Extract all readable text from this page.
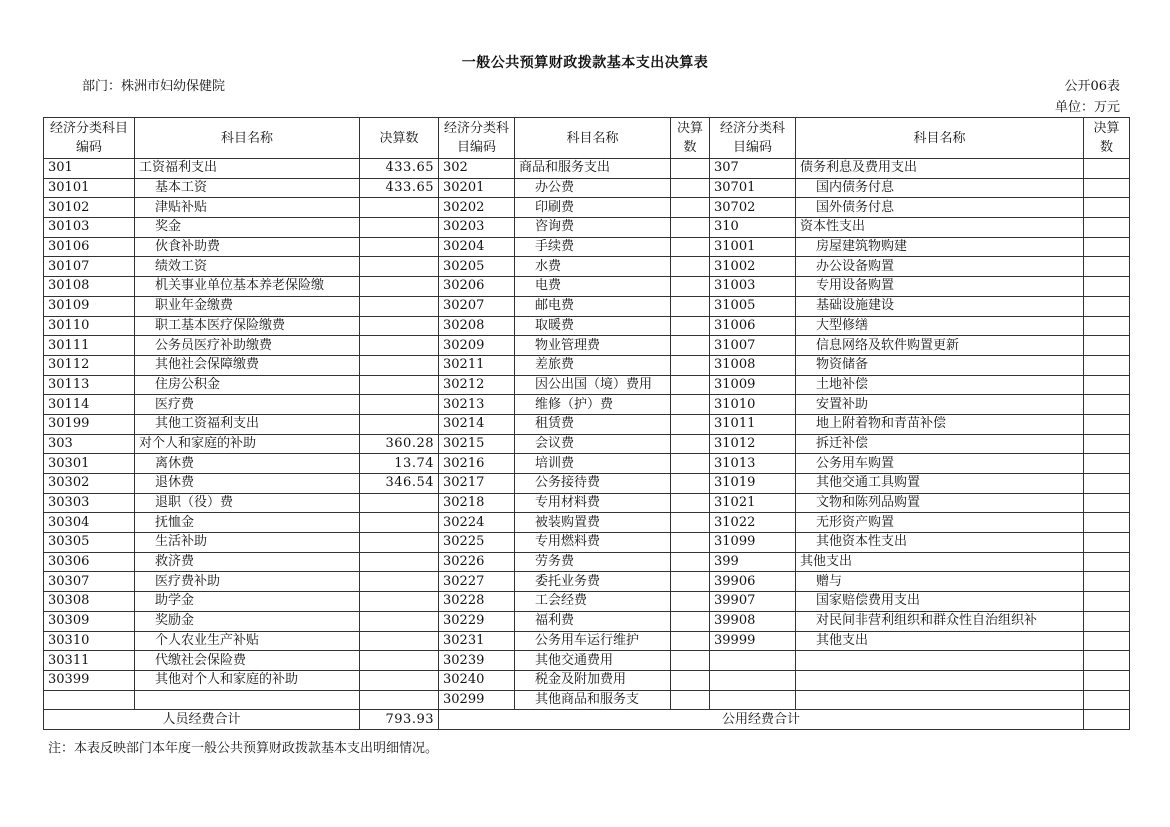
一般公共预算财政拨款基本支出决算表
部门：株洲市妇幼保健院	公开06表
单位：万元
经济分类科目编码	科目名称	决算数	经济分类科目编码	科目名称	决算数	经济分类科目编码	科目名称	决算数
301	工资福利支出	433.65	302	商品和服务支出		307	债务利息及费用支出	
30101	基本工资	433.65	30201	办公费		30701	国内债务付息	
30102	津贴补贴		30202	印刷费		30702	国外债务付息	
30103	奖金		30203	咨询费		310	资本性支出	
30106	伙食补助费		30204	手续费		31001	房屋建筑物购建	
30107	绩效工资		30205	水费		31002	办公设备购置	
30108	机关事业单位基本养老保险缴		30206	电费		31003	专用设备购置	
30109	职业年金缴费		30207	邮电费		31005	基础设施建设	
30110	职工基本医疗保险缴费		30208	取暖费		31006	大型修缮	
30111	公务员医疗补助缴费		30209	物业管理费		31007	信息网络及软件购置更新	
30112	其他社会保障缴费		30211	差旅费		31008	物资储备	
30113	住房公积金		30212	因公出国（境）费用		31009	土地补偿	
30114	医疗费		30213	维修（护）费		31010	安置补助	
30199	其他工资福利支出		30214	租赁费		31011	地上附着物和青苗补偿	
303	对个人和家庭的补助	360.28	30215	会议费		31012	拆迁补偿	
30301	离休费	13.74	30216	培训费		31013	公务用车购置	
30302	退休费	346.54	30217	公务接待费		31019	其他交通工具购置	
30303	退职（役）费		30218	专用材料费		31021	文物和陈列品购置	
30304	抚恤金		30224	被装购置费		31022	无形资产购置	
30305	生活补助		30225	专用燃料费		31099	其他资本性支出	
30306	救济费		30226	劳务费		399	其他支出	
30307	医疗费补助		30227	委托业务费		39906	赠与	
30308	助学金		30228	工会经费		39907	国家赔偿费用支出	
30309	奖励金		30229	福利费		39908	对民间非营利组织和群众性自治组织补	
30310	个人农业生产补贴		30231	公务用车运行维护		39999	其他支出	
30311	代缴社会保险费		30239	其他交通费用				
30399	其他对个人和家庭的补助		30240	税金及附加费用				
			30299	其他商品和服务支				
人员经费合计		793.93	公用经费合计					
注：本表反映部门本年度一般公共预算财政拨款基本支出明细情况。
